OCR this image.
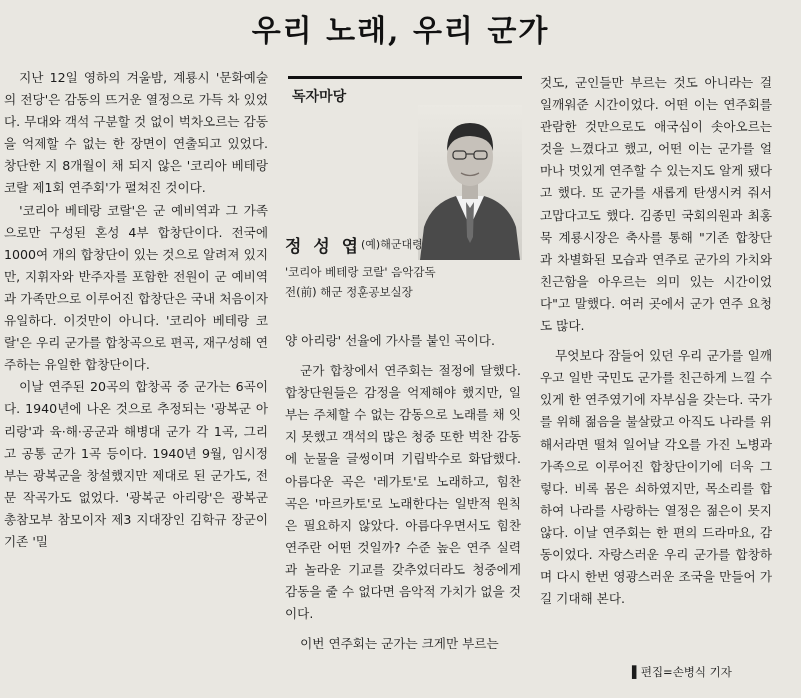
우리 노래, 우리 군가

지난 12일 영하의 겨울밤, 계룡시 '문화예술의 전당'은 감동의 뜨거운 열정으로 가득 차 있었다. 무대와 객석 구분할 것 없이 벅차오르는 감동을 억제할 수 없는 한 장면이 연출되고 있었다. 창단한 지 8개월이 채 되지 않은 '코리아 베테랑 코랄 제1회 연주회'가 펼쳐진 것이다.

'코리아 베테랑 코랄'은 군 예비역과 그 가족으로만 구성된 혼성 4부 합창단이다. 전국에 1000여 개의 합창단이 있는 것으로 알려져 있지만, 지휘자와 반주자를 포함한 전원이 군 예비역과 가족만으로 이루어진 합창단은 국내 처음이자 유일하다. 이것만이 아니다. '코리아 베테랑 코랄'은 우리 군가를 합창곡으로 편곡, 재구성해 연주하는 유일한 합창단이다.

이날 연주된 20곡의 합창곡 중 군가는 6곡이다. 1940년에 나온 것으로 추정되는 '광복군 아리랑'과 육·해·공군과 해병대 군가 각 1곡, 그리고 공통 군가 1곡 등이다. 1940년 9월, 임시정부는 광복군을 창설했지만 제대로 된 군가도, 전문 작곡가도 없었다. '광복군 아리랑'은 광복군 총참모부 참모이자 제3 지대장인 김학규 장군이 기존 '밀

독자마당
정 성 엽 (예)해군대령
'코리아 베테랑 코랄' 음악감독
전(前) 해군 정훈공보실장

양 아리랑' 선율에 가사를 붙인 곡이다.

군가 합창에서 연주회는 절정에 달했다. 합창단원들은 감정을 억제해야 했지만, 일부는 주체할 수 없는 감동으로 노래를 채 잇지 못했고 객석의 많은 청중 또한 벅찬 감동에 눈물을 글썽이며 기립박수로 화답했다. 아름다운 곡은 '레가토'로 노래하고, 힘찬 곡은 '마르카토'로 노래한다는 일반적 원칙은 필요하지 않았다. 아름다우면서도 힘찬 연주란 어떤 것일까? 수준 높은 연주 실력과 놀라운 기교를 갖추었더라도 청중에게 감동을 줄 수 없다면 음악적 가치가 없을 것이다.

이번 연주회는 군가는 크게만 부르는

것도, 군인들만 부르는 것도 아니라는 걸 일깨워준 시간이었다. 어떤 이는 연주회를 관람한 것만으로도 애국심이 솟아오르는 것을 느꼈다고 했고, 어떤 이는 군가를 얼마나 멋있게 연주할 수 있는지도 알게 됐다고 했다. 또 군가를 새롭게 탄생시켜 줘서 고맙다고도 했다. 김종민 국회의원과 최홍묵 계룡시장은 축사를 통해 "기존 합창단과 차별화된 모습과 연주로 군가의 가치와 친근함을 아우르는 의미 있는 시간이었다"고 말했다. 여러 곳에서 군가 연주 요청도 많다.

무엇보다 잠들어 있던 우리 군가를 일깨우고 일반 국민도 군가를 친근하게 느낄 수 있게 한 연주였기에 자부심을 갖는다. 국가를 위해 젊음을 불살랐고 아직도 나라를 위해서라면 떨쳐 일어날 각오를 가진 노병과 가족으로 이루어진 합창단이기에 더욱 그렇다. 비록 몸은 쇠하였지만, 목소리를 합하여 나라를 사랑하는 열정은 젊은이 못지않다. 이날 연주회는 한 편의 드라마요, 감동이었다. 자랑스러운 우리 군가를 합창하며 다시 한번 영광스러운 조국을 만들어 가길 기대해 본다.

▌편집=손병식 기자
